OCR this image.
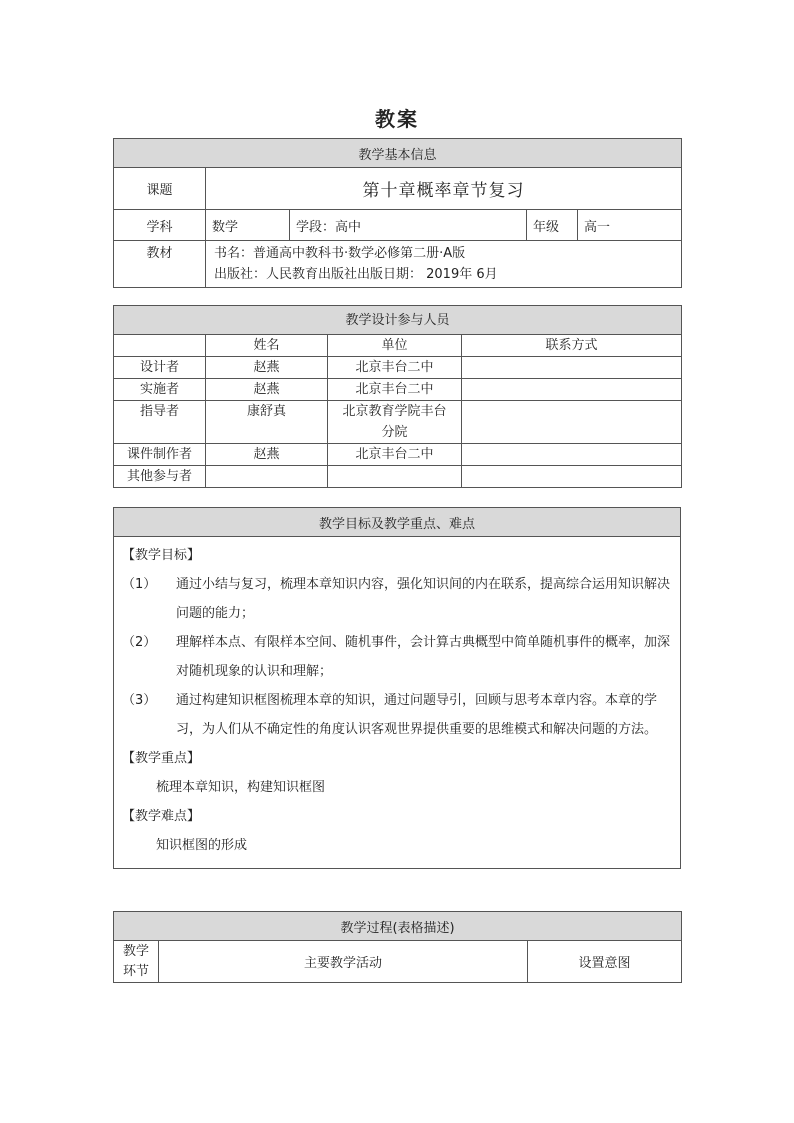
教案
教学基本信息				
课题	第十章概率章节复习			
学科	数学	学段：高中	年级	高一
教材	书名：普通高中教科书·数学必修第二册·A版
出版社：人民教育出版社出版日期： 2019年 6月			
教学设计参与人员			
	姓名	单位	联系方式
设计者	赵燕	北京丰台二中	
实施者	赵燕	北京丰台二中	
指导者	康舒真	北京教育学院丰台分院	
课件制作者	赵燕	北京丰台二中	
其他参与者			
教学目标及教学重点、难点

【教学目标】
（1）	通过小结与复习，梳理本章知识内容，强化知识间的内在联系，提高综合运用知识解决问题的能力；
（2）	理解样本点、有限样本空间、随机事件，会计算古典概型中简单随机事件的概率，加深对随机现象的认识和理解；
（3）	通过构建知识框图梳理本章的知识，通过问题导引，回顾与思考本章内容。本章的学习，为人们从不确定性的角度认识客观世界提供重要的思维模式和解决问题的方法。
【教学重点】
梳理本章知识，构建知识框图
【教学难点】
知识框图的形成
教学过程(表格描述)
教学环节	主要教学活动	设置意图
